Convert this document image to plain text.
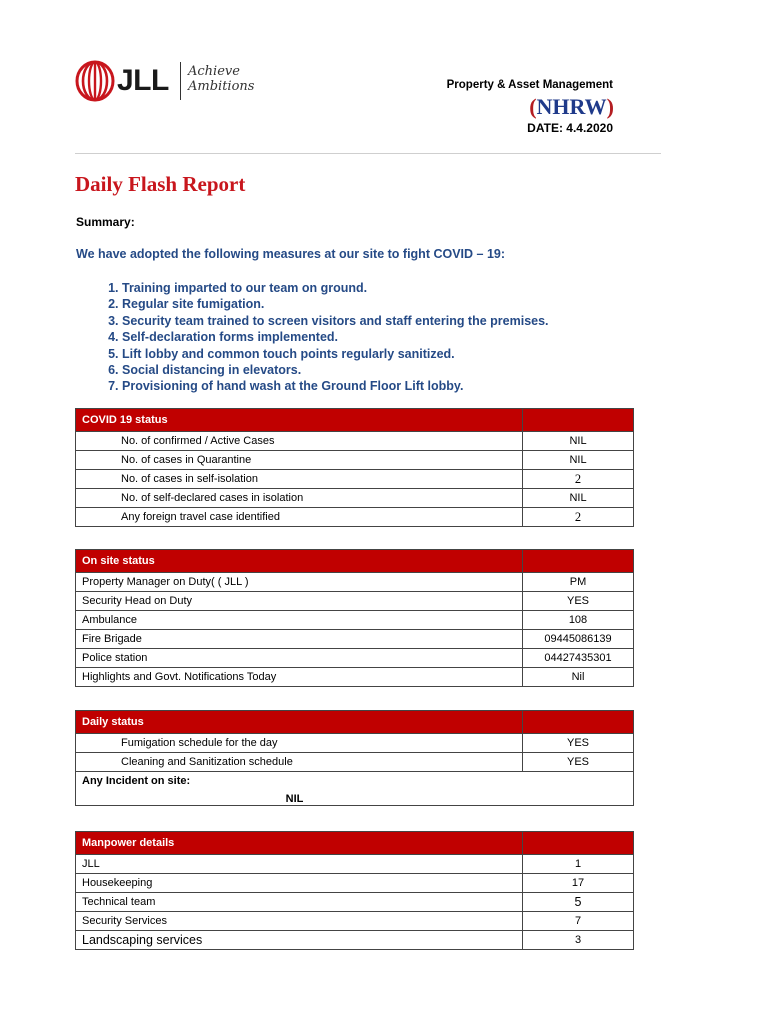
JLL Achieve
Ambitions	Property & Asset Management
(NHRW)
DATE: 4.4.2020
Daily Flash Report
Summary:
We have adopted the following measures at our site to fight COVID – 19:
1. Training imparted to our team on ground.
2. Regular site fumigation.
3. Security team trained to screen visitors and staff entering the premises.
4. Self-declaration forms implemented.
5. Lift lobby and common touch points regularly sanitized.
6. Social distancing in elevators.
7. Provisioning of hand wash at the Ground Floor Lift lobby.
COVID 19 status	
No. of confirmed / Active Cases	NIL
No. of cases in Quarantine	NIL
No. of cases in self-isolation	2
No. of self-declared cases in isolation	NIL
Any foreign travel case identified	2
On site status	
Property Manager on Duty( ( JLL )	PM
Security Head on Duty	YES
Ambulance	108
Fire Brigade	09445086139
Police station	04427435301
Highlights and Govt. Notifications Today	Nil
Daily status	
Fumigation schedule for the day	YES
Cleaning and Sanitization schedule	YES

Any Incident on site:
NIL	
Manpower details	
JLL	1
Housekeeping	17
Technical team	5
Security Services	7
Landscaping services	3
